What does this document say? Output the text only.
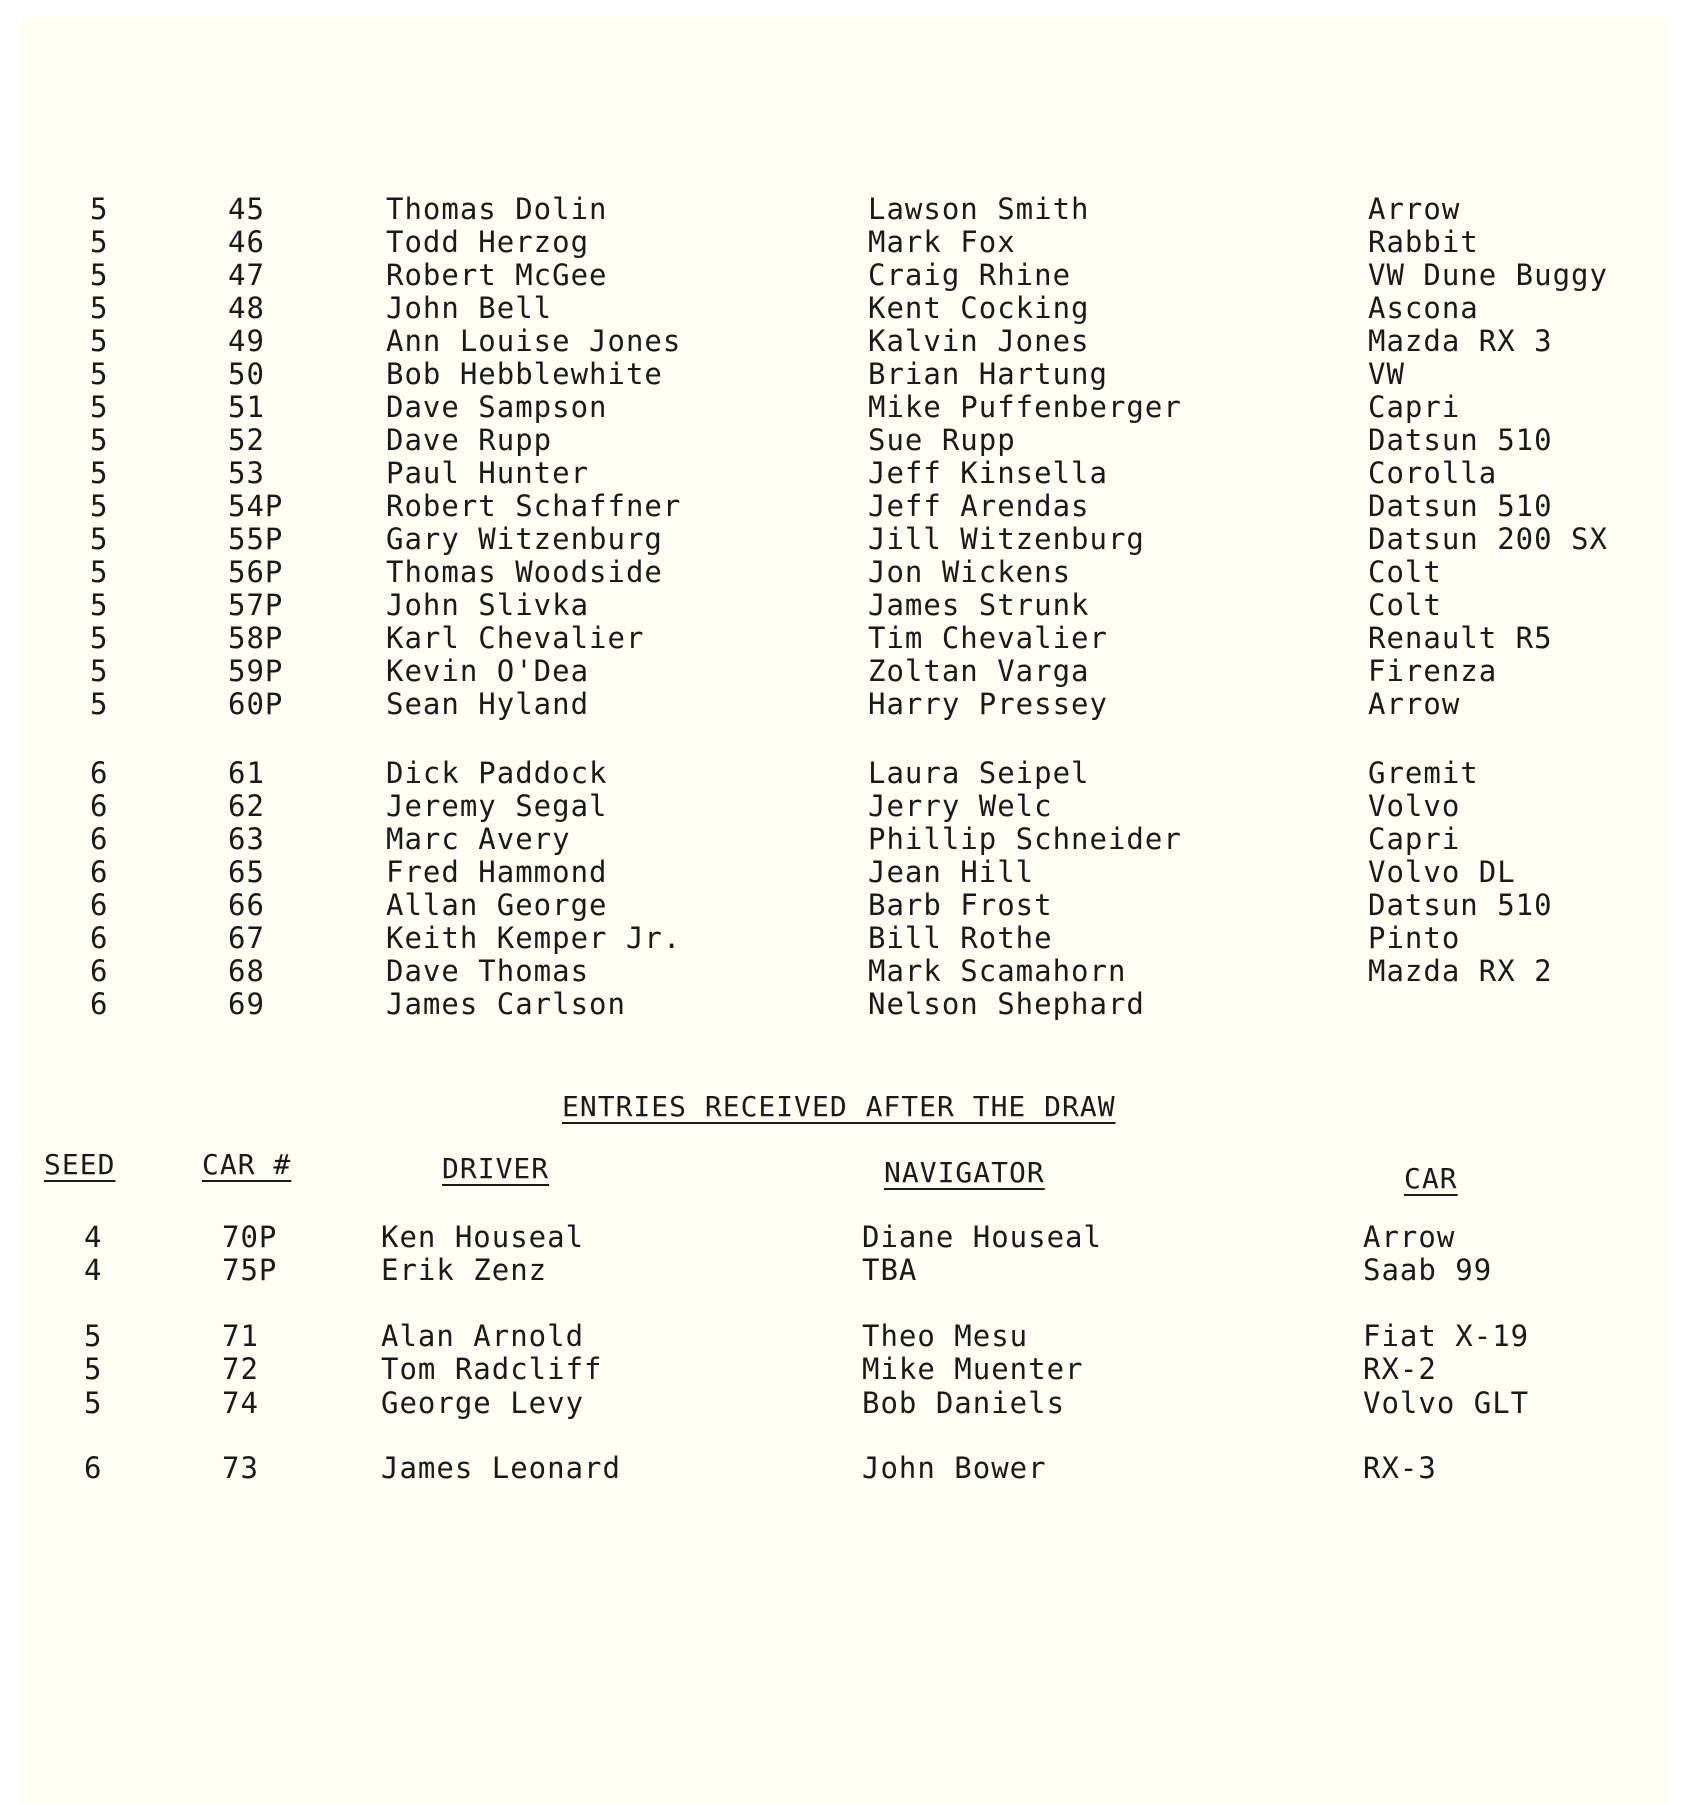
5	45	Thomas Dolin	Lawson Smith	Arrow
5	46	Todd Herzog	Mark Fox	Rabbit
5	47	Robert McGee	Craig Rhine	VW Dune Buggy
5	48	John Bell	Kent Cocking	Ascona
5	49	Ann Louise Jones	Kalvin Jones	Mazda RX 3
5	50	Bob Hebblewhite	Brian Hartung	VW
5	51	Dave Sampson	Mike Puffenberger	Capri
5	52	Dave Rupp	Sue Rupp	Datsun 510
5	53	Paul Hunter	Jeff Kinsella	Corolla
5	54P	Robert Schaffner	Jeff Arendas	Datsun 510
5	55P	Gary Witzenburg	Jill Witzenburg	Datsun 200 SX
5	56P	Thomas Woodside	Jon Wickens	Colt
5	57P	John Slivka	James Strunk	Colt
5	58P	Karl Chevalier	Tim Chevalier	Renault R5
5	59P	Kevin O'Dea	Zoltan Varga	Firenza
5	60P	Sean Hyland	Harry Pressey	Arrow
6	61	Dick Paddock	Laura Seipel	Gremit
6	62	Jeremy Segal	Jerry Welc	Volvo
6	63	Marc Avery	Phillip Schneider	Capri
6	65	Fred Hammond	Jean Hill	Volvo DL
6	66	Allan George	Barb Frost	Datsun 510
6	67	Keith Kemper Jr.	Bill Rothe	Pinto
6	68	Dave Thomas	Mark Scamahorn	Mazda RX 2
6	69	James Carlson	Nelson Shephard
ENTRIES RECEIVED AFTER THE DRAW
SEED	CAR #	DRIVER	NAVIGATOR	CAR
4	70P	Ken Houseal	Diane Houseal	Arrow
4	75P	Erik Zenz	TBA	Saab 99
5	71	Alan Arnold	Theo Mesu	Fiat X-19
5	72	Tom Radcliff	Mike Muenter	RX-2
5	74	George Levy	Bob Daniels	Volvo GLT
6	73	James Leonard	John Bower	RX-3
